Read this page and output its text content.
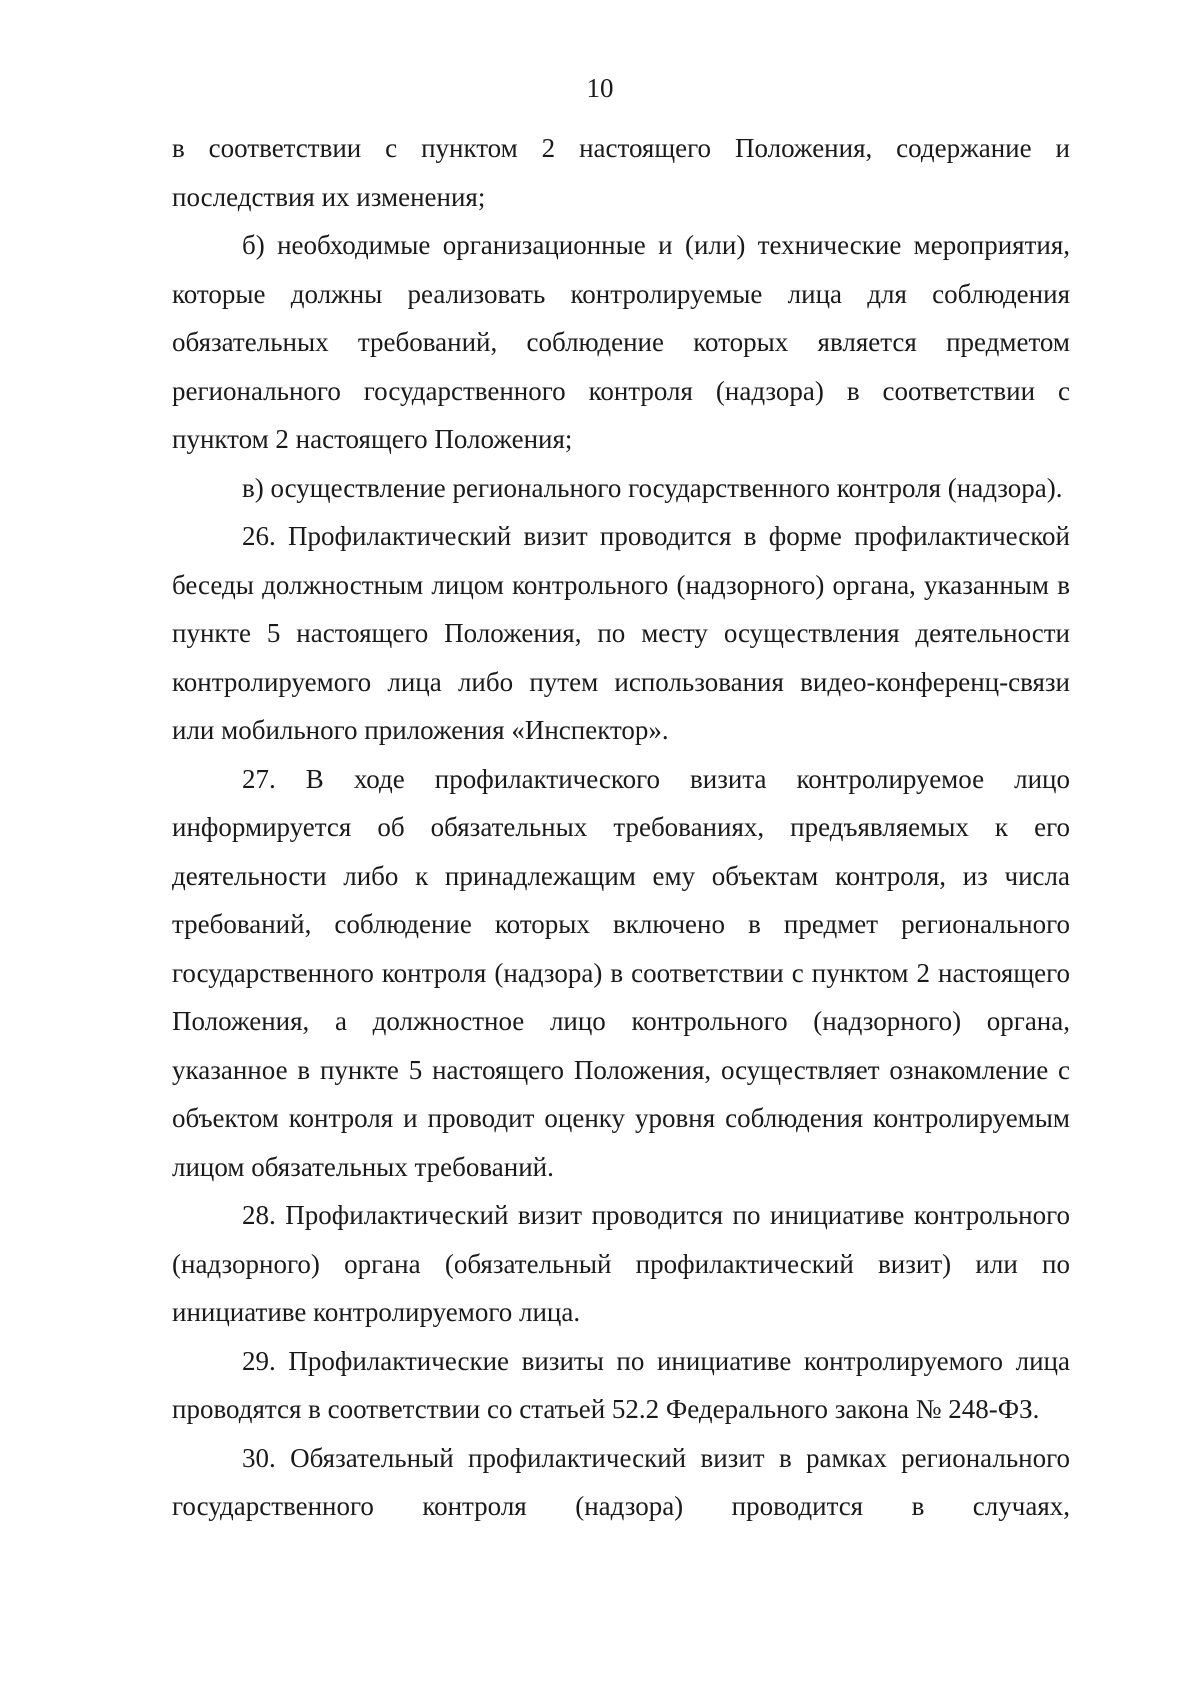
10

в соответствии с пунктом 2 настоящего Положения, содержание и последствия их изменения;

б) необходимые организационные и (или) технические мероприятия, которые должны реализовать контролируемые лица для соблюдения обязательных требований, соблюдение которых является предметом регионального государственного контроля (надзора) в соответствии с пунктом 2 настоящего Положения;

в) осуществление регионального государственного контроля (надзора).

26. Профилактический визит проводится в форме профилактической беседы должностным лицом контрольного (надзорного) органа, указанным в пункте 5 настоящего Положения, по месту осуществления деятельности контролируемого лица либо путем использования видео-конференц-связи или мобильного приложения «Инспектор».

27. В ходе профилактического визита контролируемое лицо информируется об обязательных требованиях, предъявляемых к его деятельности либо к принадлежащим ему объектам контроля, из числа требований, соблюдение которых включено в предмет регионального государственного контроля (надзора) в соответствии с пунктом 2 настоящего Положения, а должностное лицо контрольного (надзорного) органа, указанное в пункте 5 настоящего Положения, осуществляет ознакомление с объектом контроля и проводит оценку уровня соблюдения контролируемым лицом обязательных требований.

28. Профилактический визит проводится по инициативе контрольного (надзорного) органа (обязательный профилактический визит) или по инициативе контролируемого лица.

29. Профилактические визиты по инициативе контролируемого лица проводятся в соответствии со статьей 52.2 Федерального закона № 248-ФЗ.

30. Обязательный профилактический визит в рамках регионального государственного контроля (надзора) проводится в случаях,
